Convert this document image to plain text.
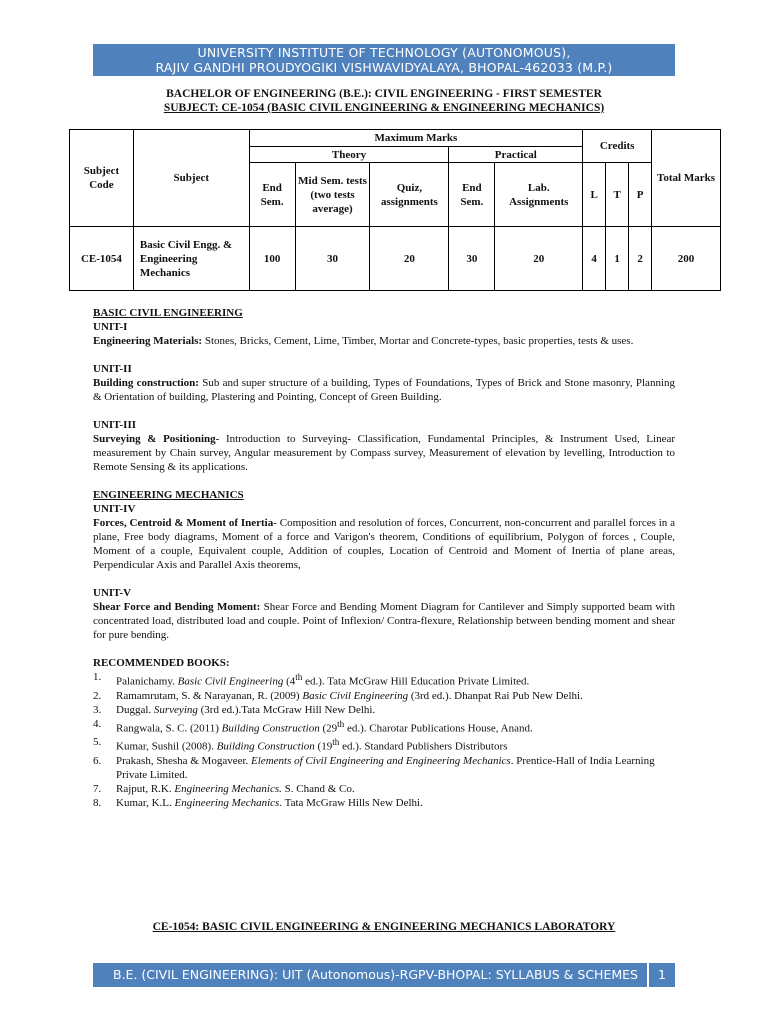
UNIVERSITY INSTITUTE OF TECHNOLOGY (AUTONOMOUS),
RAJIV GANDHI PROUDYOGIKI VISHWAVIDYALAYA, BHOPAL-462033 (M.P.)
BACHELOR OF ENGINEERING (B.E.): CIVIL ENGINEERING - FIRST SEMESTER
SUBJECT: CE-1054 (BASIC CIVIL ENGINEERING & ENGINEERING MECHANICS)
Subject Code	Subject	Maximum Marks					Credits			Total Marks
		Theory			Practical					
		End Sem.	Mid Sem. tests (two tests average)	Quiz, assignments	End Sem.	Lab. Assignments	L	T	P	
CE-1054	Basic Civil Engg. & Engineering Mechanics	100	30	20	30	20	4	1	2	200
BASIC CIVIL ENGINEERING
UNIT-I

Engineering Materials: Stones, Bricks, Cement, Lime, Timber, Mortar and Concrete-types, basic properties, tests & uses.

UNIT-II

Building construction: Sub and super structure of a building, Types of Foundations, Types of Brick and Stone masonry, Planning & Orientation of building, Plastering and Pointing, Concept of Green Building.

UNIT-III

Surveying & Positioning- Introduction to Surveying- Classification, Fundamental Principles, & Instrument Used, Linear measurement by Chain survey, Angular measurement by Compass survey, Measurement of elevation by levelling, Introduction to Remote Sensing & its applications.

ENGINEERING MECHANICS
UNIT-IV

Forces, Centroid & Moment of Inertia- Composition and resolution of forces, Concurrent, non-concurrent and parallel forces in a plane, Free body diagrams, Moment of a force and Varigon's theorem, Conditions of equilibrium, Polygon of forces , Couple, Moment of a couple, Equivalent couple, Addition of couples, Location of Centroid and Moment of Inertia of plane areas, Perpendicular Axis and Parallel Axis theorems,

UNIT-V

Shear Force and Bending Moment: Shear Force and Bending Moment Diagram for Cantilever and Simply supported beam with concentrated load, distributed load and couple. Point of Inflexion/ Contra-flexure, Relationship between bending moment and shear for pure bending.

RECOMMENDED BOOKS:
1. Palanichamy. Basic Civil Engineering (4th ed.). Tata McGraw Hill Education Private Limited.
2. Ramamrutam, S. & Narayanan, R. (2009) Basic Civil Engineering (3rd ed.). Dhanpat Rai Pub New Delhi.
3. Duggal. Surveying (3rd ed.).Tata McGraw Hill New Delhi.
4. Rangwala, S. C. (2011) Building Construction (29th ed.). Charotar Publications House, Anand.
5. Kumar, Sushil (2008). Building Construction (19th ed.). Standard Publishers Distributors
6. Prakash, Shesha & Mogaveer. Elements of Civil Engineering and Engineering Mechanics. Prentice-Hall of India Learning Private Limited.
7. Rajput, R.K. Engineering Mechanics. S. Chand & Co.
8. Kumar, K.L. Engineering Mechanics. Tata McGraw Hills New Delhi.
CE-1054: BASIC CIVIL ENGINEERING & ENGINEERING MECHANICS LABORATORY
B.E. (CIVIL ENGINEERING): UIT (Autonomous)-RGPV-BHOPAL: SYLLABUS & SCHEMES FY14
1
